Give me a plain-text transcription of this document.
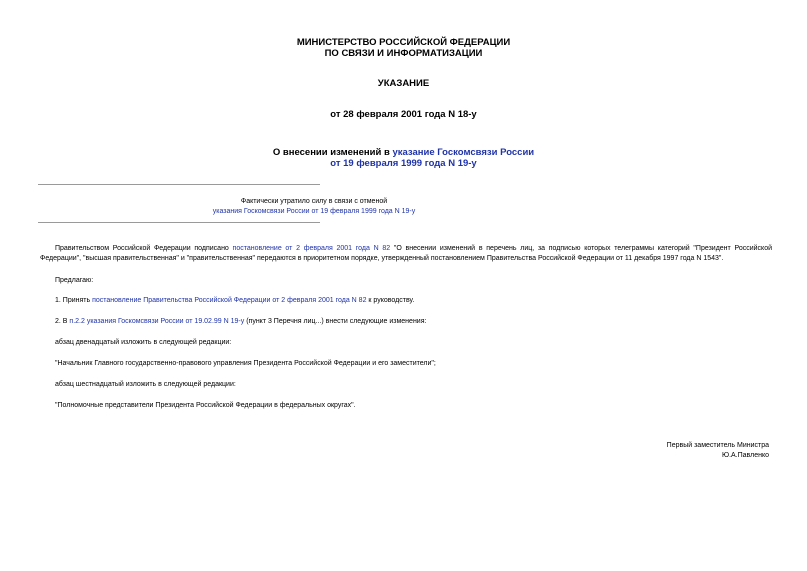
МИНИСТЕРСТВО РОССИЙСКОЙ ФЕДЕРАЦИИ
ПО СВЯЗИ И ИНФОРМАТИЗАЦИИ
УКАЗАНИЕ
от 28 февраля 2001 года N 18-у
О внесении изменений в указание Госкомсвязи России
от 19 февраля 1999 года N 19-у
Фактически утратило силу в связи с отменой
указания Госкомсвязи России от 19 февраля 1999 года N 19-у
Правительством Российской Федерации подписано постановление от 2 февраля 2001 года N 82 "О внесении изменений в перечень лиц, за подписью которых телеграммы категорий "Президент Российской Федерации", "высшая правительственная" и "правительственная" передаются в приоритетном порядке, утвержденный постановлением Правительства Российской Федерации от 11 декабря 1997 года N 1543".
Предлагаю:
1. Принять постановление Правительства Российской Федерации от 2 февраля 2001 года N 82 к руководству.
2. В п.2.2 указания Госкомсвязи России от 19.02.99 N 19-у (пункт 3 Перечня лиц...) внести следующие изменения:
абзац двенадцатый изложить в следующей редакции:
"Начальник Главного государственно-правового управления Президента Российской Федерации и его заместители";
абзац шестнадцатый изложить в следующей редакции:
"Полномочные представители Президента Российской Федерации в федеральных округах".
Первый заместитель Министра
Ю.А.Павленко
